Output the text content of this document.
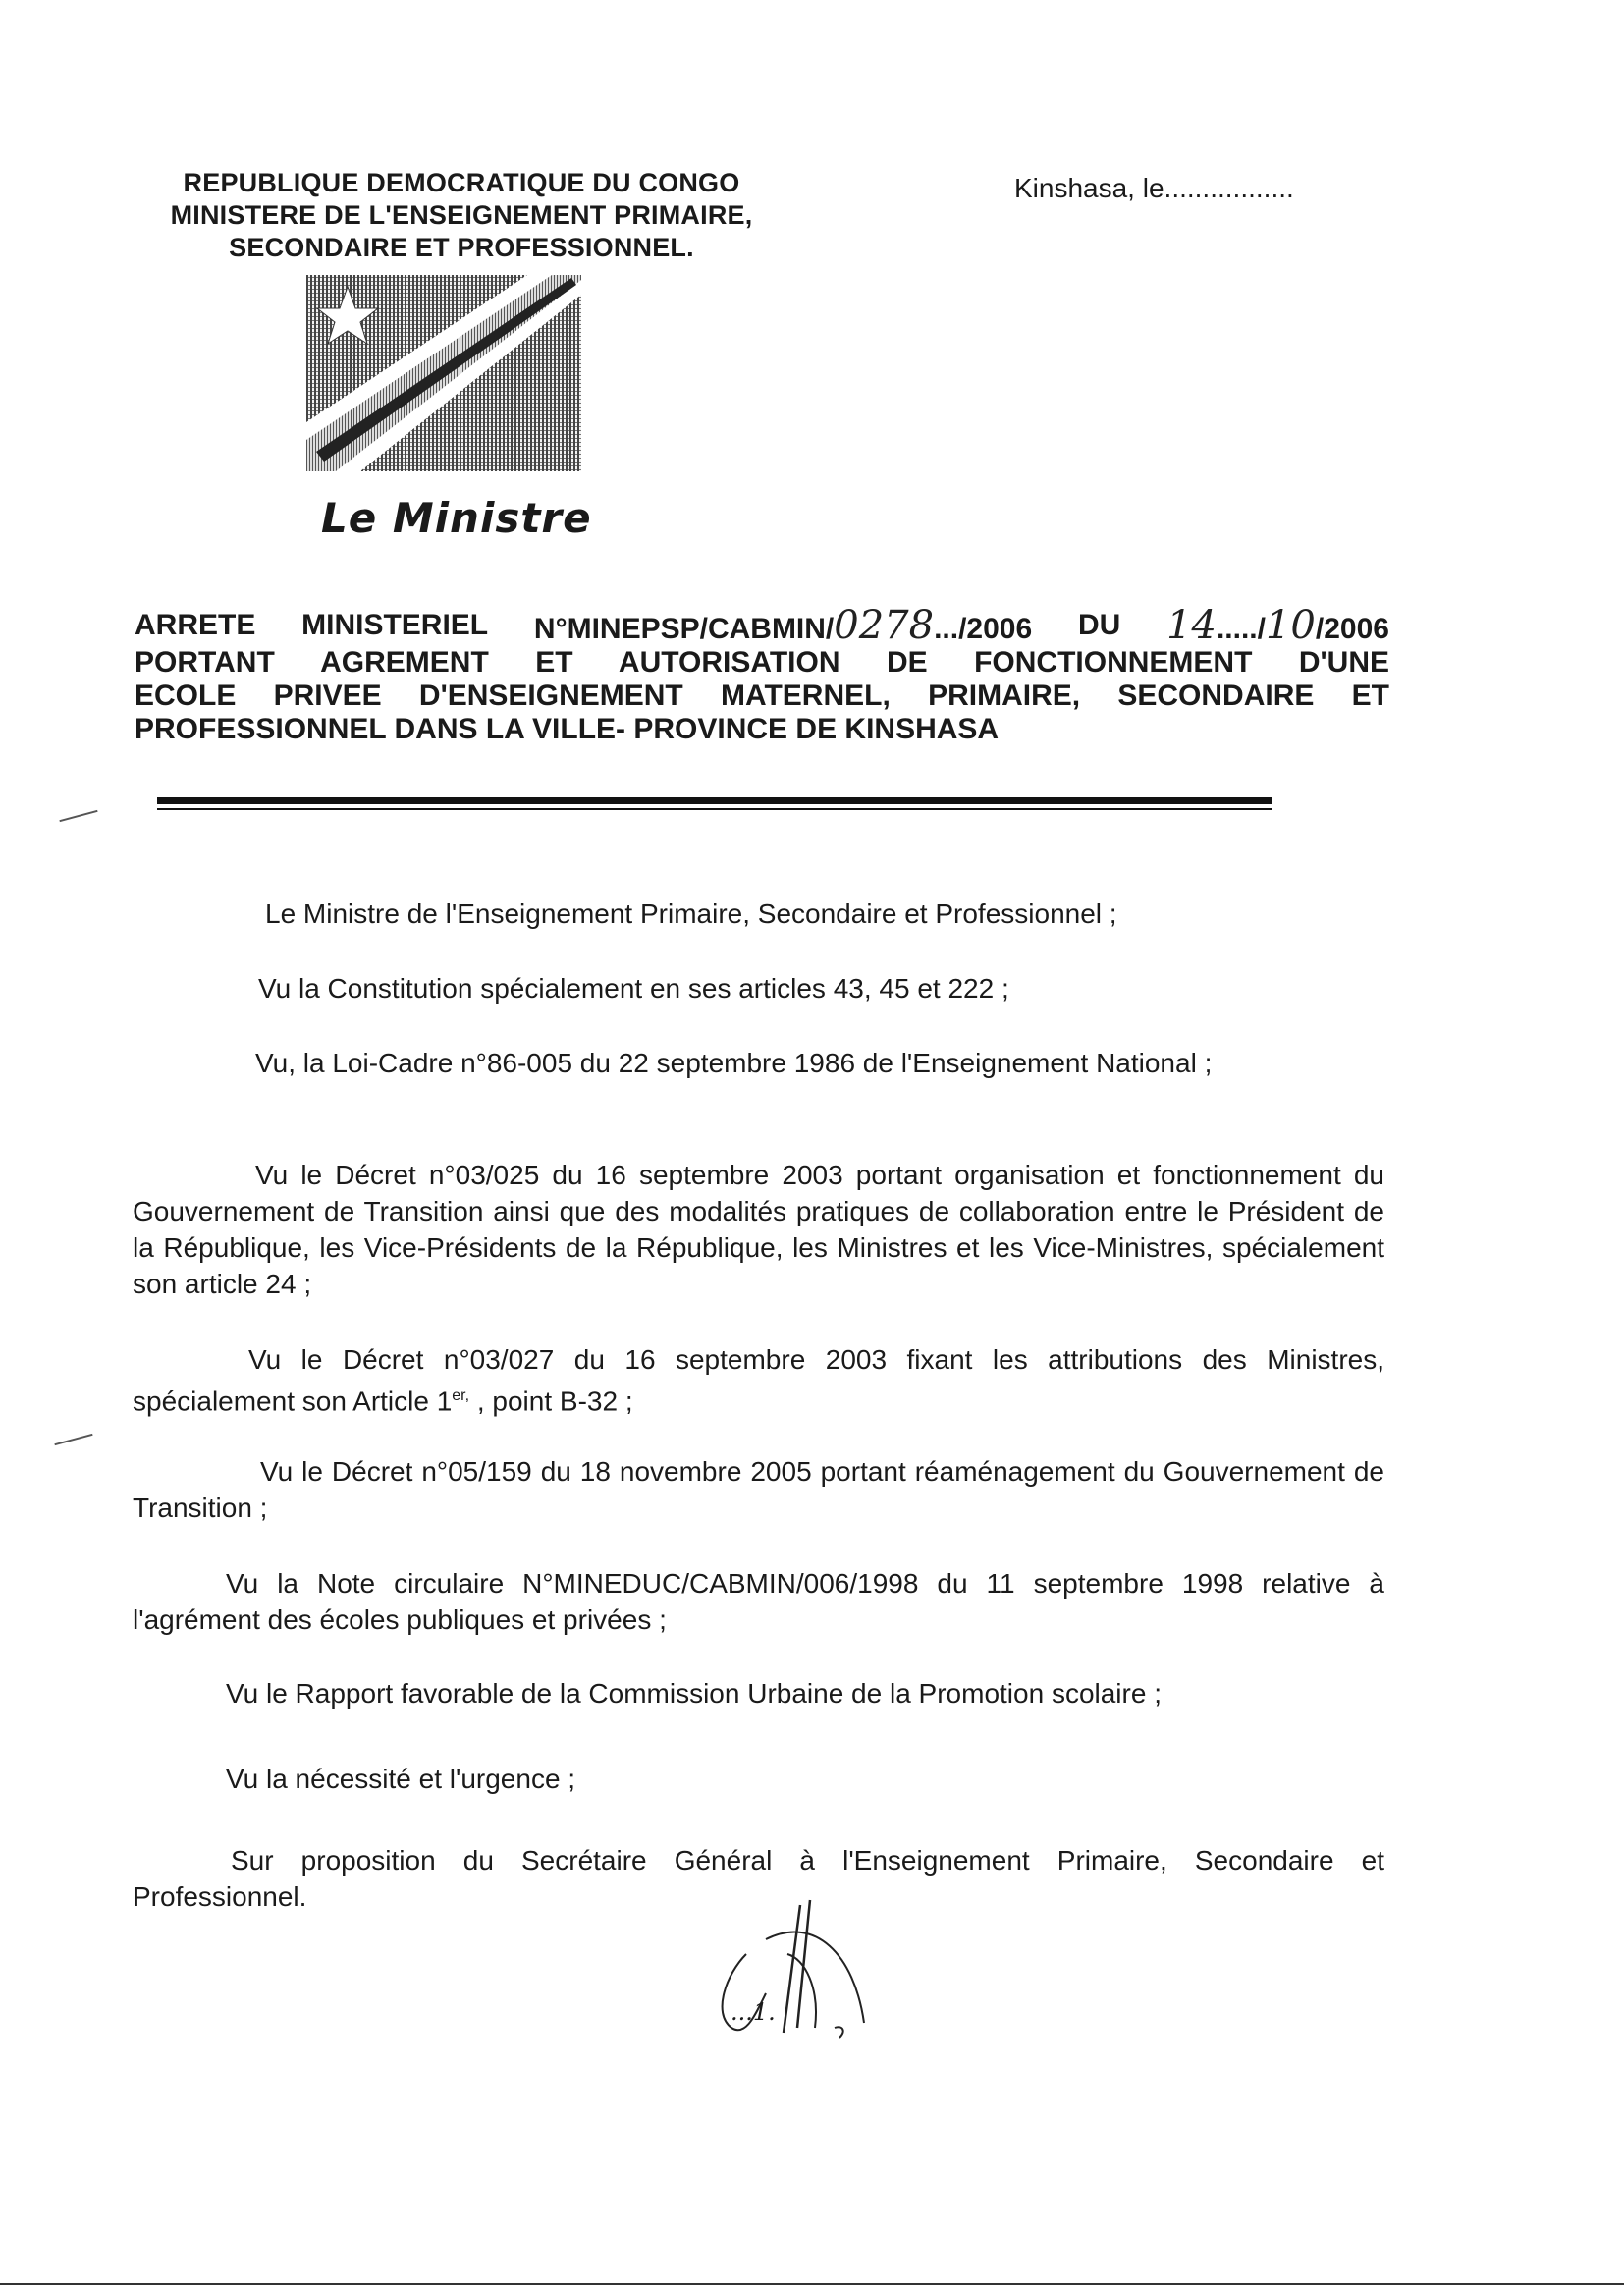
REPUBLIQUE DEMOCRATIQUE DU CONGO
MINISTERE DE L'ENSEIGNEMENT PRIMAIRE,
SECONDAIRE ET PROFESSIONNEL.
Kinshasa, le.................
Le Ministre
ARRETE MINISTERIEL N°MINEPSP/CABMIN/0278.../2006 DU 14...../10/2006
PORTANT AGREMENT ET AUTORISATION DE FONCTIONNEMENT D'UNE
ECOLE PRIVEE D'ENSEIGNEMENT MATERNEL, PRIMAIRE, SECONDAIRE ET
PROFESSIONNEL DANS LA VILLE- PROVINCE DE KINSHASA
Le Ministre de l'Enseignement Primaire, Secondaire et Professionnel ;
Vu la Constitution spécialement en ses articles 43, 45 et 222 ;
Vu, la Loi-Cadre n°86-005 du 22 septembre 1986 de l'Enseignement National ;
Vu le Décret n°03/025 du 16 septembre 2003 portant organisation et fonctionnement du Gouvernement de Transition ainsi que des modalités pratiques de collaboration entre le Président de la République, les Vice-Présidents de la République, les Ministres et les Vice-Ministres, spécialement son article 24 ;
Vu le Décret n°03/027 du 16 septembre 2003 fixant les attributions des Ministres, spécialement son Article $1^{er,}$ , point B-32 ;
Vu le Décret n°05/159 du 18 novembre 2005 portant réaménagement du Gouvernement de Transition ;
Vu la Note circulaire N°MINEDUC/CABMIN/006/1998 du 11 septembre 1998 relative à l'agrément des écoles publiques et privées ;
Vu le Rapport favorable de la Commission Urbaine de la Promotion scolaire ;
Vu la nécessité et l'urgence ;
Sur proposition du Secrétaire Général à l'Enseignement Primaire, Secondaire et Professionnel.
...1.
